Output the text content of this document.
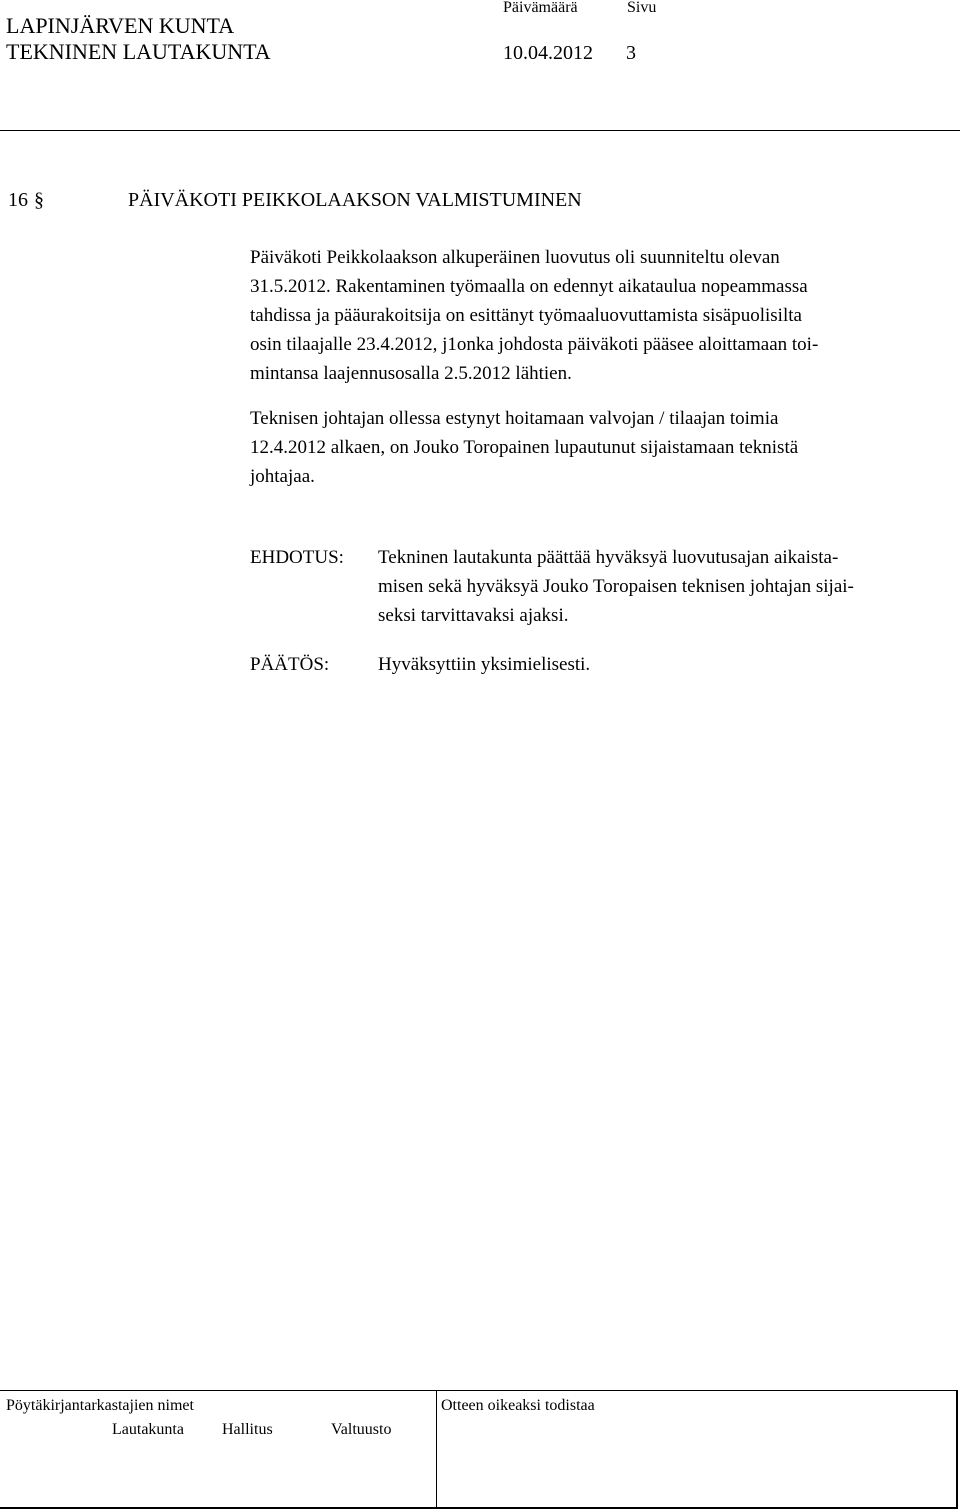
LAPINJÄRVEN KUNTA
TEKNINEN LAUTAKUNTA
Päivämäärä	Sivu
10.04.2012 3
16 §	PÄIVÄKOTI PEIKKOLAAKSON VALMISTUMINEN

Päiväkoti Peikkolaakson alkuperäinen luovutus oli suunniteltu olevan

31.5.2012. Rakentaminen työmaalla on edennyt aikataulua nopeammassa

tahdissa ja pääurakoitsija on esittänyt työmaaluovuttamista sisäpuolisilta

osin tilaajalle 23.4.2012, j1onka johdosta päiväkoti pääsee aloittamaan toi-

mintansa laajennusosalla 2.5.2012 lähtien.

Teknisen johtajan ollessa estynyt hoitamaan valvojan / tilaajan toimia

12.4.2012 alkaen, on Jouko Toropainen lupautunut sijaistamaan teknistä

johtajaa.

EHDOTUS: Tekninen lautakunta päättää hyväksyä luovutusajan aikaista-
misen sekä hyväksyä Jouko Toropaisen teknisen johtajan sijai-
seksi tarvittavaksi ajaksi.
PÄÄTÖS:	Hyväksyttiin yksimielisesti.
Pöytäkirjantarkastajien nimet	Otteen oikeaksi todistaa
Lautakunta Hallitus	Valtuusto
